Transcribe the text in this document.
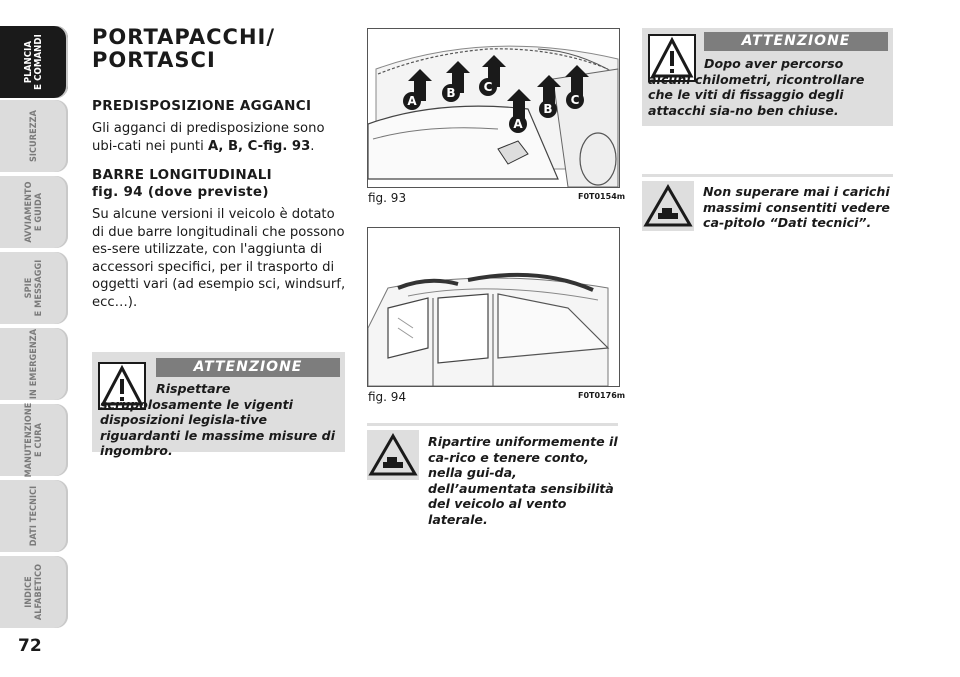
PLANCIA
E COMANDI
SICUREZZA
AVVIAMENTO
E GUIDA
SPIE
E MESSAGGI
IN EMERGENZA
MANUTENZIONE
E CURA
DATI TECNICI
INDICE
ALFABETICO
72
PORTAPACCHI/
PORTASCI
PREDISPOSIZIONE AGGANCI

Gli agganci di predisposizione sono ubi-cati nei punti A, B, C-fig. 93.

BARRE LONGITUDINALI
fig. 94 (dove previste)

Su alcune versioni il veicolo è dotato di due barre longitudinali che possono es-sere utilizzate, con l'aggiunta di accessori specifici, per il trasporto di oggetti vari (ad esempio sci, windsurf, ecc…).

ATTENZIONE
Rispettare scrupolosamente le vigenti disposizioni legisla-tive riguardanti le massime misure di ingombro.
A
B	C
A
B
C
fig. 93	F0T0154m
fig. 94	F0T0176m
Ripartire uniformemente il ca-rico e tenere conto, nella gui-da, dell’aumentata sensibilità del veicolo al vento laterale.
ATTENZIONE
Dopo aver percorso alcuni chilometri, ricontrollare che le viti di fissaggio degli attacchi sia-no ben chiuse.
Non superare mai i carichi massimi consentiti vedere ca-pitolo “Dati tecnici”.
